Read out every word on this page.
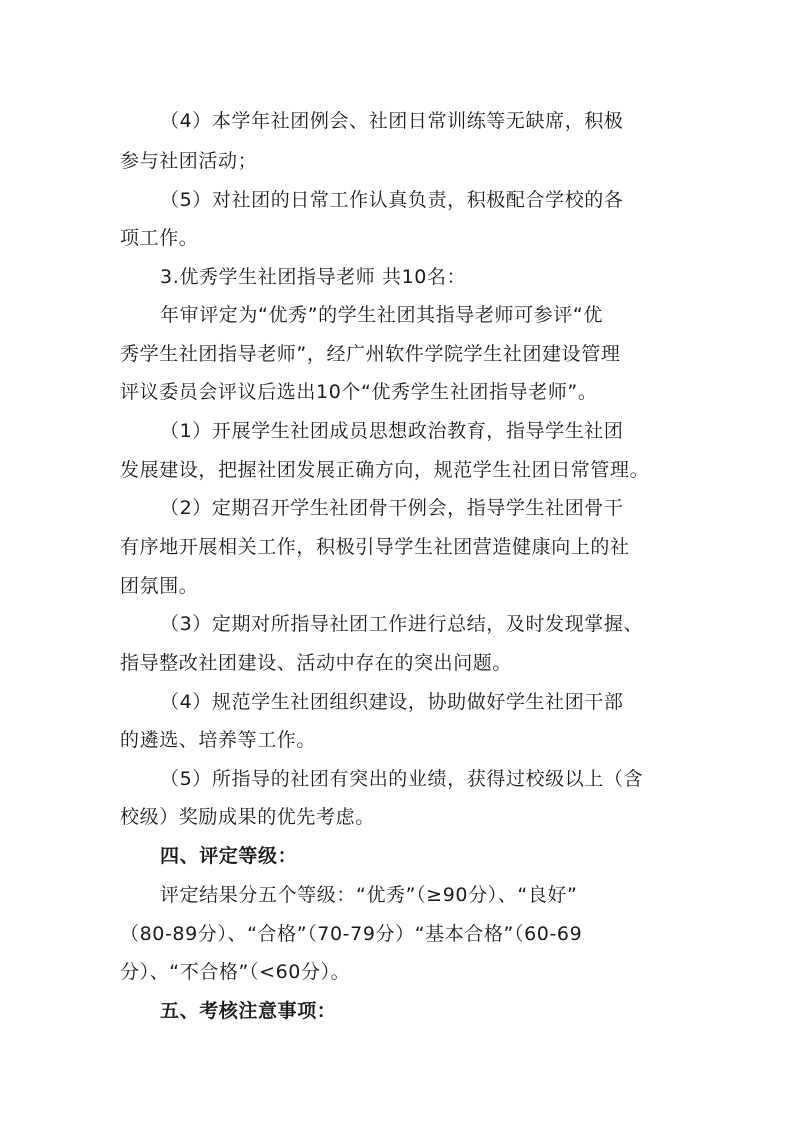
（4）本学年社团例会、社团日常训练等无缺席，积极
参与社团活动；
（5）对社团的日常工作认真负责，积极配合学校的各
项工作。
3.优秀学生社团指导老师 共10名：
年审评定为“优秀”的学生社团其指导老师可参评“优
秀学生社团指导老师”，经广州软件学院学生社团建设管理
评议委员会评议后选出10个“优秀学生社团指导老师”。
（1）开展学生社团成员思想政治教育，指导学生社团
发展建设，把握社团发展正确方向，规范学生社团日常管理。
（2）定期召开学生社团骨干例会，指导学生社团骨干
有序地开展相关工作，积极引导学生社团营造健康向上的社
团氛围。
（3）定期对所指导社团工作进行总结，及时发现掌握、
指导整改社团建设、活动中存在的突出问题。
（4）规范学生社团组织建设，协助做好学生社团干部
的遴选、培养等工作。
（5）所指导的社团有突出的业绩，获得过校级以上（含
校级）奖励成果的优先考虑。
四、评定等级：
评定结果分五个等级：“优秀”（≥90分）、“良好”
（80-89分）、“合格”（70-79分）“基本合格”（60-69
分）、“不合格”（<60分）。
五、考核注意事项：
